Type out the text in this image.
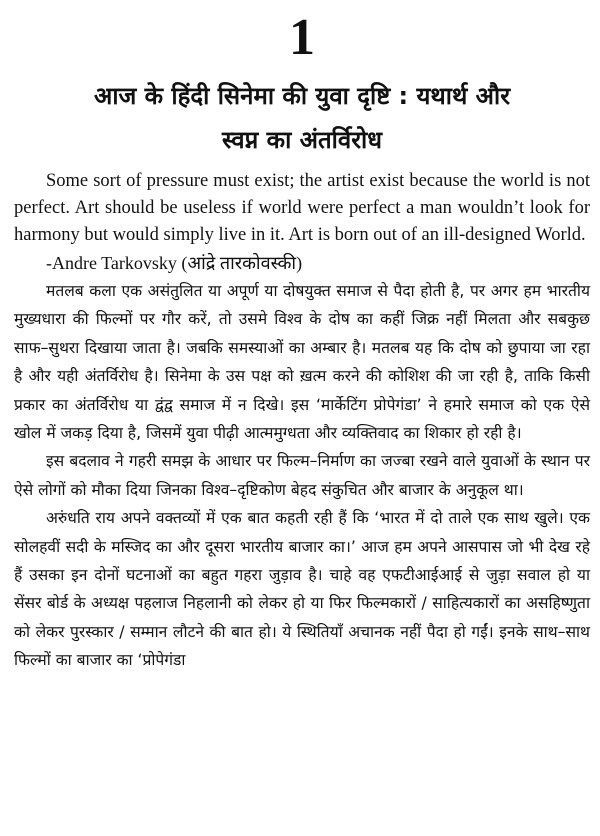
1
आज के हिंदी सिनेमा की युवा दृष्टि : यथार्थ और
स्वप्न का अंतर्विरोध

Some sort of pressure must exist; the artist exist because the world is not perfect. Art should be useless if world were perfect a man wouldn’t look for harmony but would simply live in it. Art is born out of an ill-designed World.

-Andre Tarkovsky (आंद्रे तारकोवस्की)

मतलब कला एक असंतुलित या अपूर्ण या दोषयुक्त समाज से पैदा होती है, पर अगर हम भारतीय मुख्यधारा की फिल्मों पर गौर करें, तो उसमे विश्व के दोष का कहीं जिक्र नहीं मिलता और सबकुछ साफ–सुथरा दिखाया जाता है। जबकि समस्याओं का अम्बार है। मतलब यह कि दोष को छुपाया जा रहा है और यही अंतर्विरोध है। सिनेमा के उस पक्ष को ख़त्म करने की कोशिश की जा रही है, ताकि किसी प्रकार का अंतर्विरोध या द्वंद्व समाज में न दिखे। इस ‘मार्केटिंग प्रोपेगंडा’ ने हमारे समाज को एक ऐसे खोल में जकड़ दिया है, जिसमें युवा पीढ़ी आत्ममुग्धता और व्यक्तिवाद का शिकार हो रही है।

इस बदलाव ने गहरी समझ के आधार पर फिल्म–निर्माण का जज्बा रखने वाले युवाओं के स्थान पर ऐसे लोगों को मौका दिया जिनका विश्व–दृष्टिकोण बेहद संकुचित और बाजार के अनुकूल था।

अरुंधति राय अपने वक्तव्यों में एक बात कहती रही हैं कि ‘भारत में दो ताले एक साथ खुले। एक सोलहवीं सदी के मस्जिद का और दूसरा भारतीय बाजार का।’ आज हम अपने आसपास जो भी देख रहे हैं उसका इन दोनों घटनाओं का बहुत गहरा जुड़ाव है। चाहे वह एफटीआईआई से जुड़ा सवाल हो या सेंसर बोर्ड के अध्यक्ष पहलाज निहलानी को लेकर हो या फिर फिल्मकारों / साहित्यकारों का असहिष्णुता को लेकर पुरस्कार / सम्मान लौटने की बात हो। ये स्थितियाँ अचानक नहीं पैदा हो गईं। इनके साथ–साथ फिल्मों का बाजार का ‘प्रोपेगंडा
